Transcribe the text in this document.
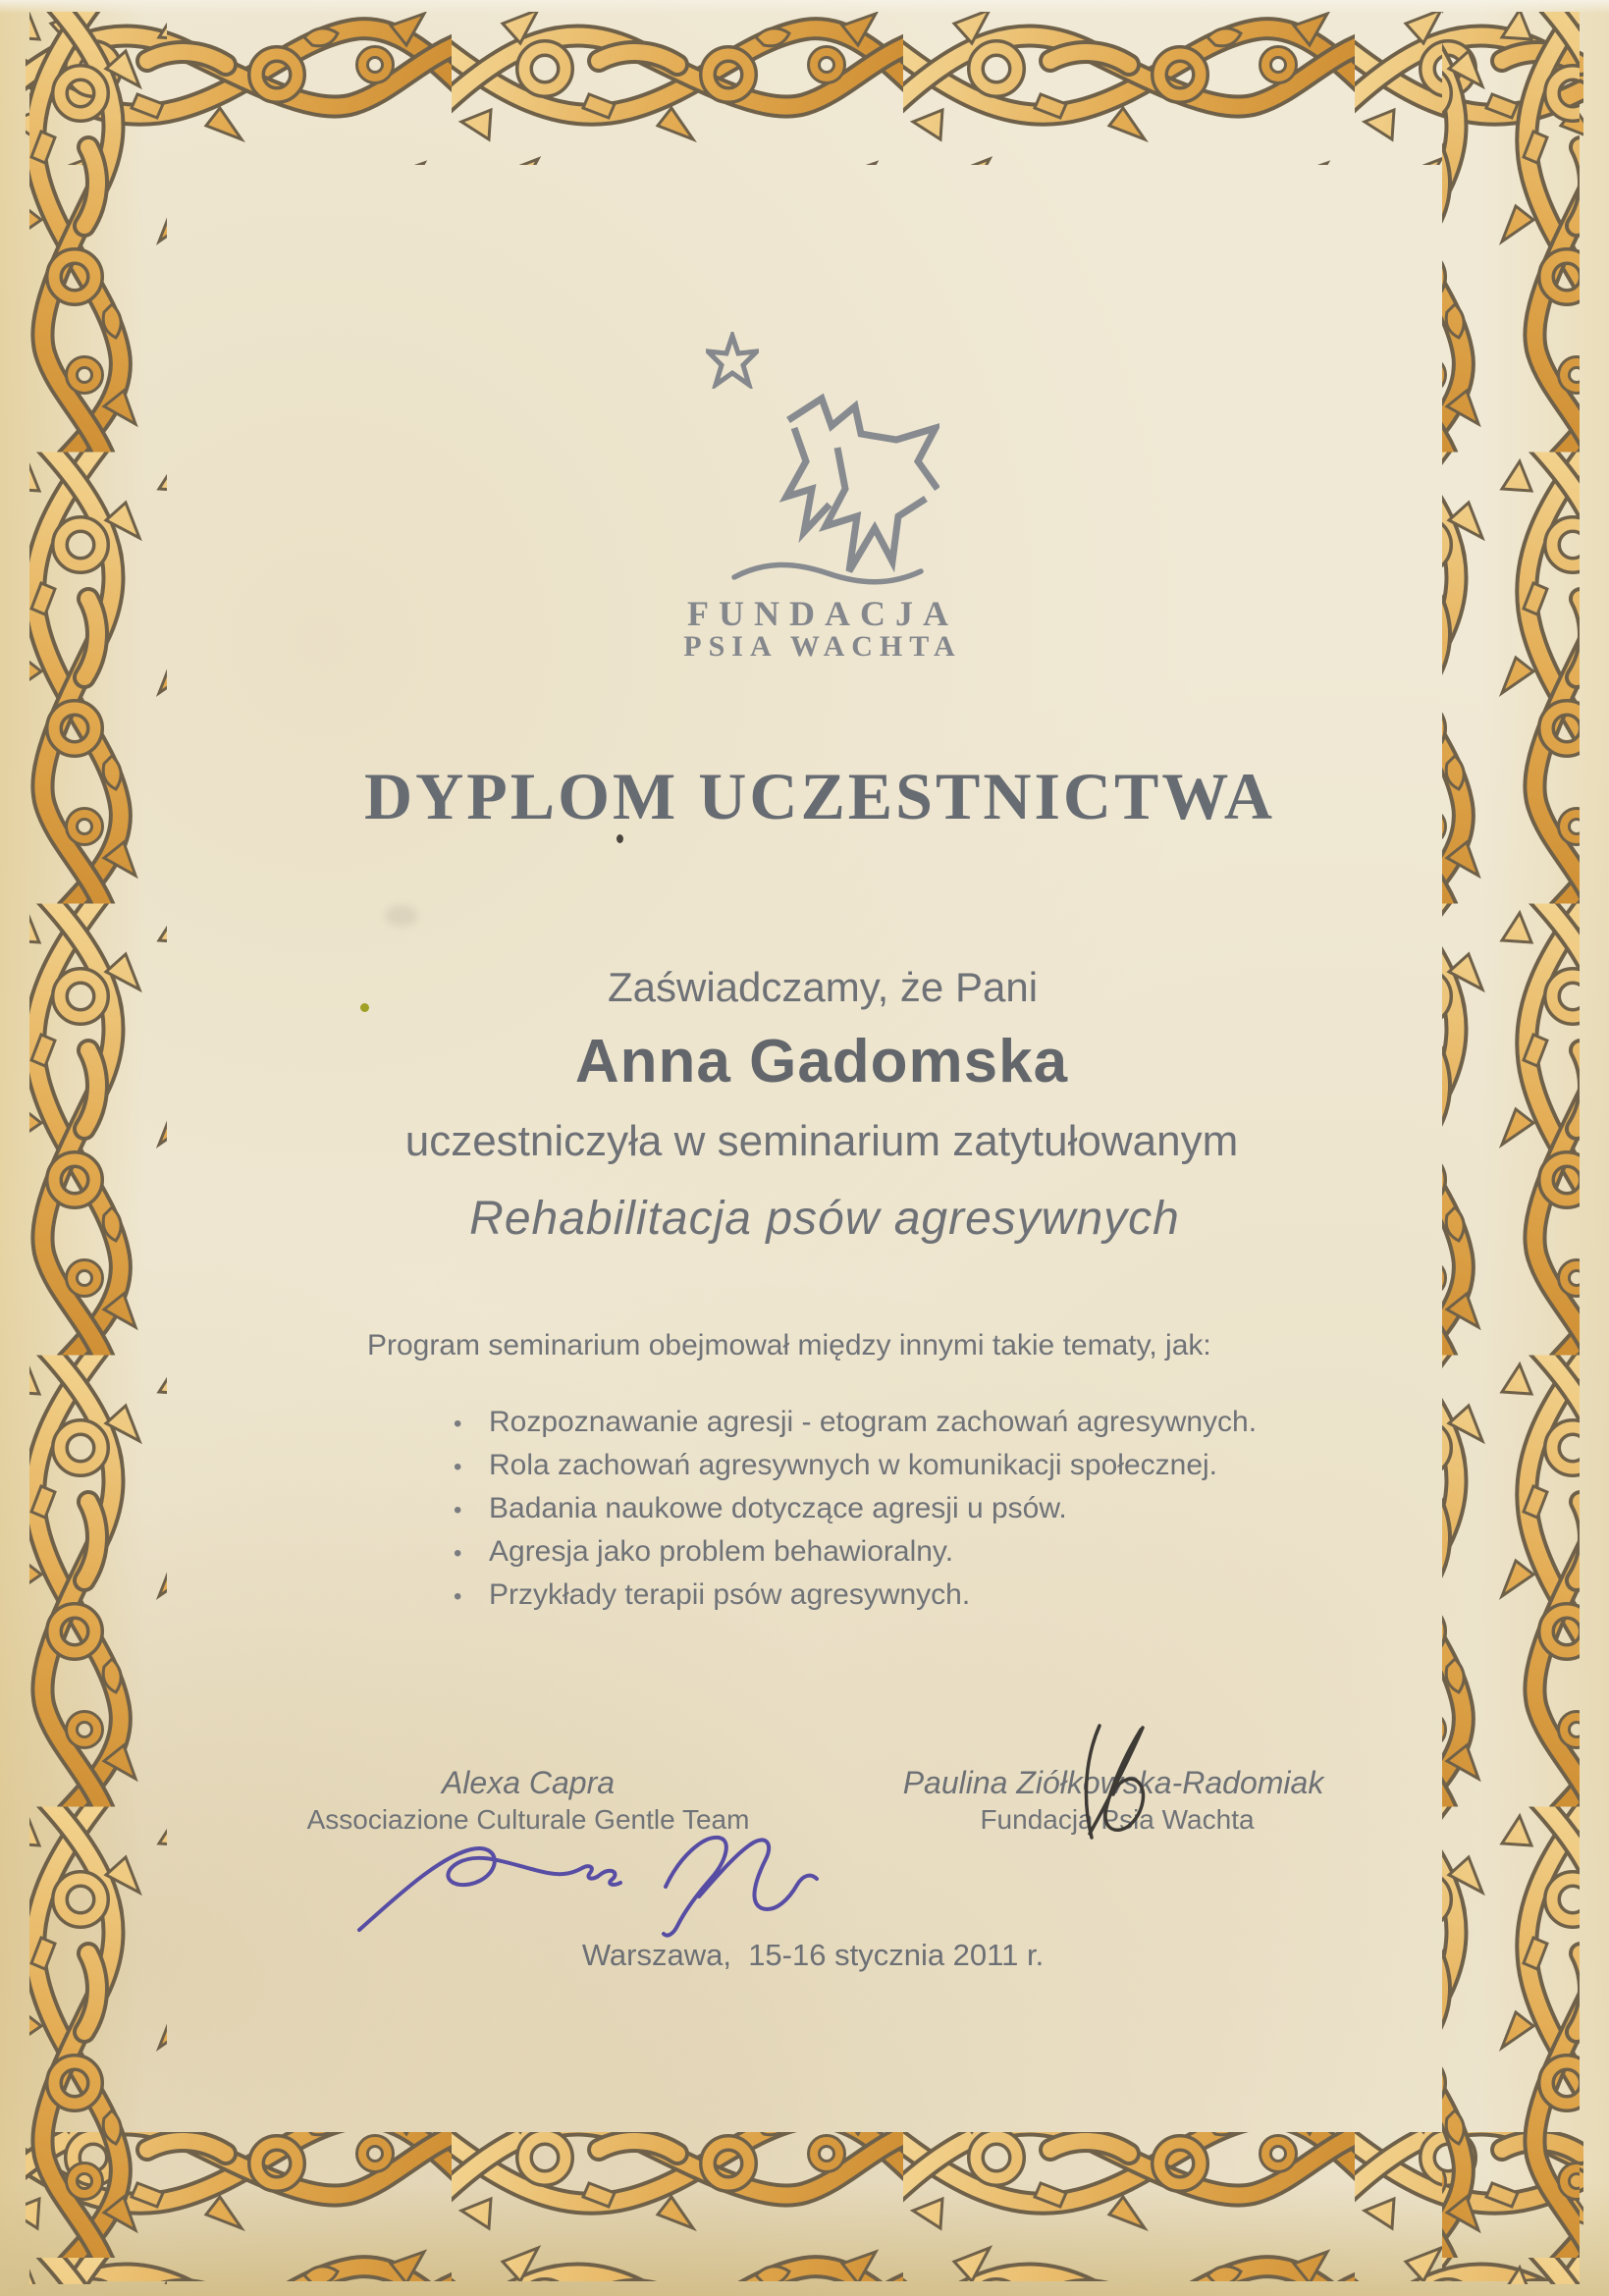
FUNDACJA
PSIA WACHTA
DYPLOM UCZESTNICTWA
Zaświadczamy, że Pani
Anna Gadomska
uczestniczyła w seminarium zatytułowanym
Rehabilitacja psów agresywnych
Program seminarium obejmował między innymi takie tematy, jak:
• Rozpoznawanie agresji - etogram zachowań agresywnych.
• Rola zachowań agresywnych w komunikacji społecznej.
• Badania naukowe dotyczące agresji u psów.
• Agresja jako problem behawioralny.
• Przykłady terapii psów agresywnych.
Alexa Capra
Associazione Culturale Gentle Team
Paulina Ziółkowska-Radomiak
Fundacja Psia Wachta
Warszawa,  15-16 stycznia 2011 r.
